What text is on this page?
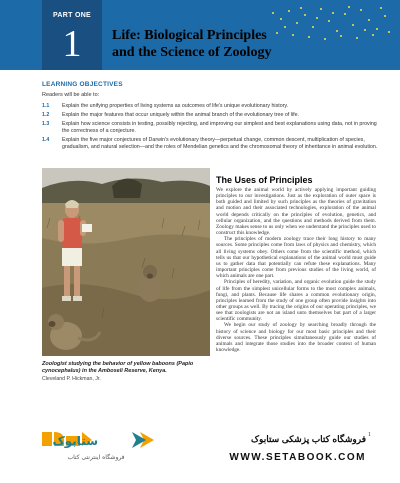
PART ONE
1	Life: Biological Principles
and the Science of Zoology
LEARNING OBJECTIVES
Readers will be able to:
1.1 Explain the unifying properties of living systems as outcomes of life's unique evolutionary history.
1.2 Explain the major features that occur uniquely within the animal branch of the evolutionary tree of life.
1.3 Explain how science consists in testing, possibly rejecting, and improving our simplest and best explanations using data, not in proving the correctness of a conjecture.
1.4 Explain the five major conjectures of Darwin's evolutionary theory—perpetual change, common descent, multiplication of species, gradualism, and natural selection—and the roles of Mendelian genetics and the chromosomal theory of inheritance in animal evolution.
Zoologist studying the behavior of yellow baboons (Papio cynocephalus) in the Amboseli Reserve, Kenya.
Cleveland P. Hickman, Jr.
The Uses of Principles

We explore the animal world by actively applying important guiding principles to our investigations. Just as the exploration of outer space is both guided and limited by such principles as the theories of gravitation and motion and their associated technologies, exploration of the animal world depends critically on the principles of evolution, genetics, and cellular organization, and the questions and methods derived from them. Zoology makes sense to us only when we understand the principles used to construct this knowledge.

The principles of modern zoology trace their long history to many sources. Some principles come from laws of physics and chemistry, which all living systems obey. Others come from the scientific method, which tells us that our hypothetical explanations of the animal world must guide us to gather data that potentially can refute these explanations. Many important principles come from previous studies of the living world, of which animals are one part.

Principles of heredity, variation, and organic evolution guide the study of life from the simplest unicellular forms to the most complex animals, fungi, and plants. Because life shares a common evolutionary origin, principles learned from the study of one group often provide insights into other groups as well. By tracing the origins of our operating principles, we see that zoologists are not an island unto themselves but part of a larger scientific community.

We begin our study of zoology by searching broadly through the history of science and biology for our most basic principles and their diverse sources. These principles simultaneously guide our studies of animals and integrate those studies into the broader context of human knowledge.

1
ستابوک
فروشگاه اینترنتی کتاب
فروشگاه کتاب پزشکی ستابوک
WWW.SETABOOK.COM
